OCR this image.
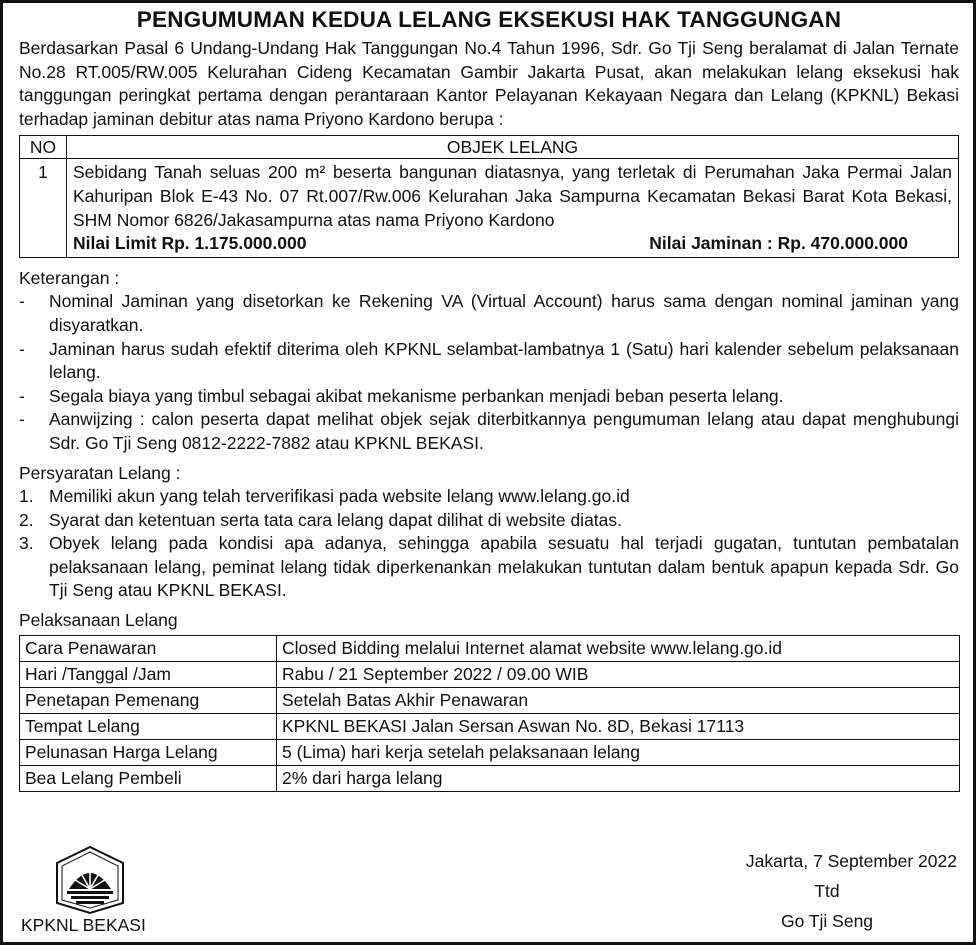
PENGUMUMAN KEDUA LELANG EKSEKUSI HAK TANGGUNGAN

Berdasarkan Pasal 6 Undang-Undang Hak Tanggungan No.4 Tahun 1996, Sdr. Go Tji Seng beralamat di Jalan Ternate No.28 RT.005/RW.005 Kelurahan Cideng Kecamatan Gambir Jakarta Pusat, akan melakukan lelang eksekusi hak tanggungan peringkat pertama dengan perantaraan Kantor Pelayanan Kekayaan Negara dan Lelang (KPKNL) Bekasi terhadap jaminan debitur atas nama Priyono Kardono berupa :

NO	OBJEK LELANG
1	Sebidang Tanah seluas 200 m² beserta bangunan diatasnya, yang terletak di Perumahan Jaka Permai Jalan Kahuripan Blok E-43 No. 07 Rt.007/Rw.006 Kelurahan Jaka Sampurna Kecamatan Bekasi Barat Kota Bekasi, SHM Nomor 6826/Jakasampurna atas nama Priyono Kardono
Nilai Limit Rp. 1.175.000.000 Nilai Jaminan : Rp. 470.000.000

Keterangan :

- Nominal Jaminan yang disetorkan ke Rekening VA (Virtual Account) harus sama dengan nominal jaminan yang disyaratkan.
- Jaminan harus sudah efektif diterima oleh KPKNL selambat-lambatnya 1 (Satu) hari kalender sebelum pelaksanaan lelang.
- Segala biaya yang timbul sebagai akibat mekanisme perbankan menjadi beban peserta lelang.
- Aanwijzing : calon peserta dapat melihat objek sejak diterbitkannya pengumuman lelang atau dapat menghubungi Sdr. Go Tji Seng 0812-2222-7882 atau KPKNL BEKASI.

Persyaratan Lelang :

1. Memiliki akun yang telah terverifikasi pada website lelang www.lelang.go.id
2. Syarat dan ketentuan serta tata cara lelang dapat dilihat di website diatas.
3. Obyek lelang pada kondisi apa adanya, sehingga apabila sesuatu hal terjadi gugatan, tuntutan pembatalan pelaksanaan lelang, peminat lelang tidak diperkenankan melakukan tuntutan dalam bentuk apapun kepada Sdr. Go Tji Seng atau KPKNL BEKASI.

Pelaksanaan Lelang

Cara Penawaran	Closed Bidding melalui Internet alamat website www.lelang.go.id
Hari /Tanggal /Jam	Rabu / 21 September 2022 / 09.00 WIB
Penetapan Pemenang	Setelah Batas Akhir Penawaran
Tempat Lelang	KPKNL BEKASI Jalan Sersan Aswan No. 8D, Bekasi 17113
Pelunasan Harga Lelang	5 (Lima) hari kerja setelah pelaksanaan lelang
Bea Lelang Pembeli	2% dari harga lelang
KPKNL BEKASI
Jakarta, 7 September 2022
Ttd
Go Tji Seng
